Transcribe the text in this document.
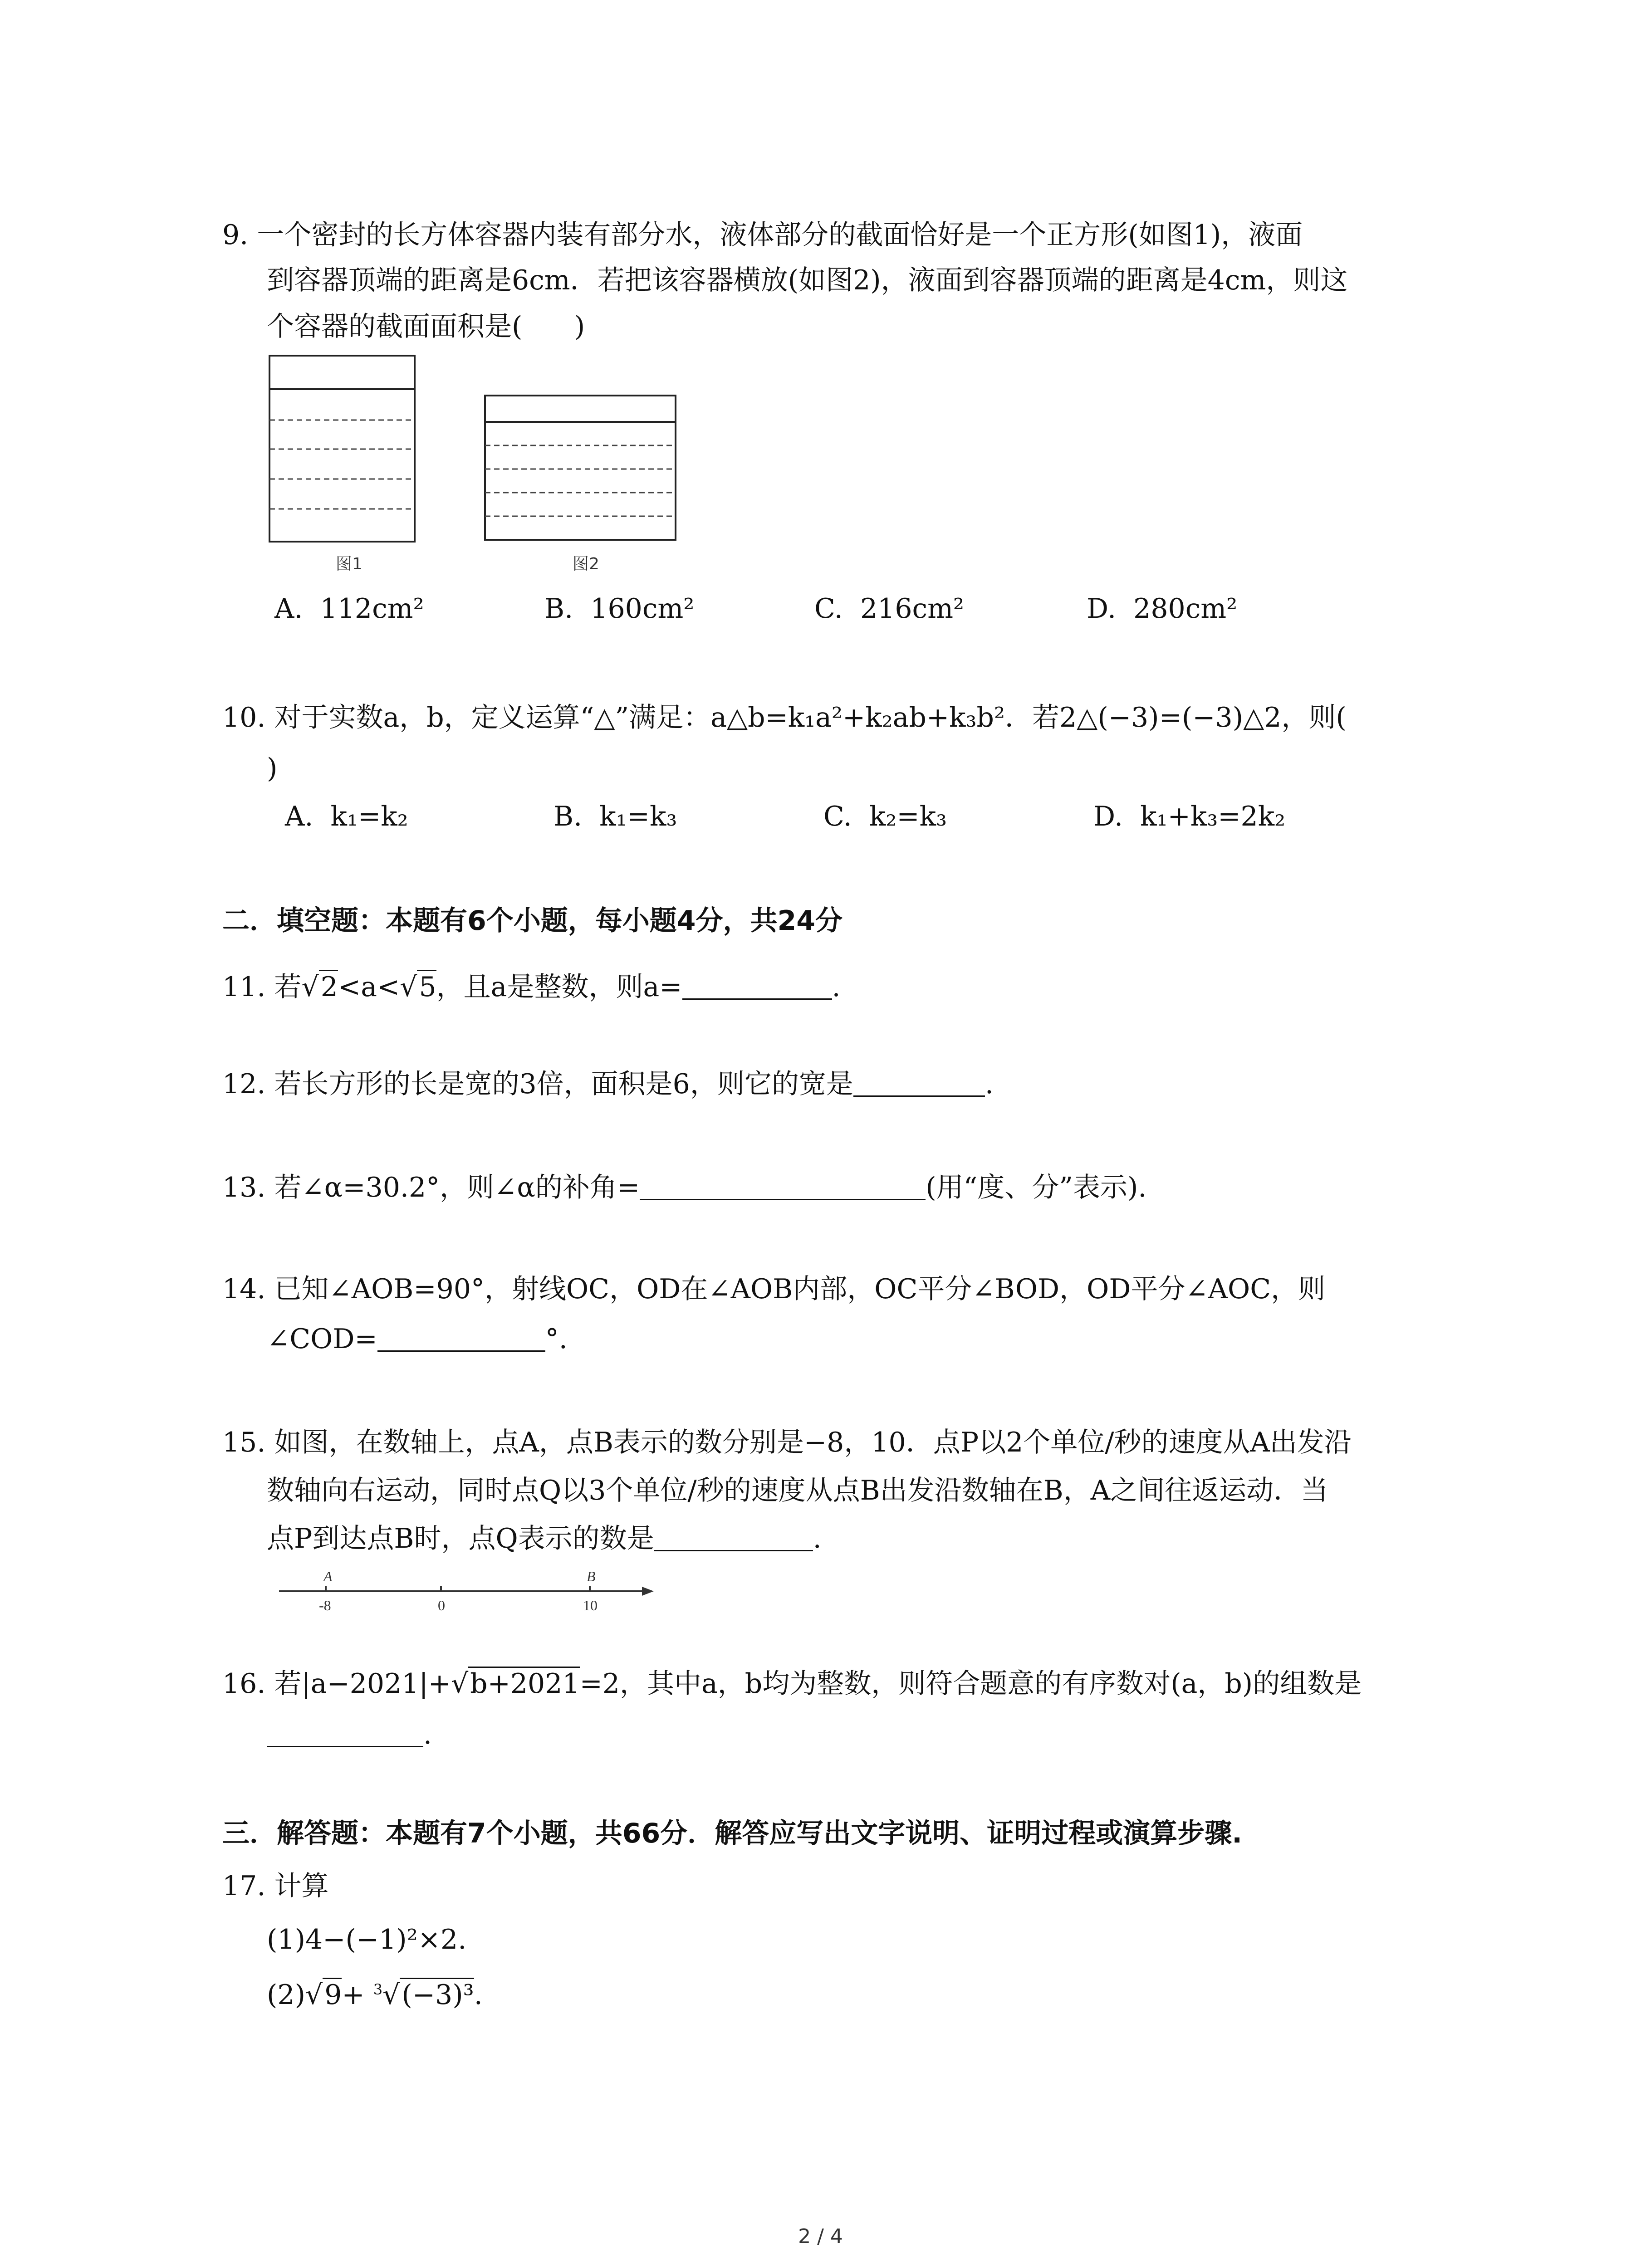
9. 一个密封的长方体容器内装有部分水，液体部分的截面恰好是一个正方形(如图1)，液面
到容器顶端的距离是6cm．若把该容器横放(如图2)，液面到容器顶端的距离是4cm，则这
个容器的截面面积是(      )
图1	图2
A.  112cm²	B.  160cm²	C.  216cm²	D.  280cm²
10. 对于实数a，b，定义运算“△”满足：a△b=k₁a²+k₂ab+k₃b²．若2△(−3)=(−3)△2，则(
)
A.  k₁=k₂	B.  k₁=k₃	C.  k₂=k₃	D.  k₁+k₃=2k₂
二．填空题：本题有6个小题，每小题4分，共24分
11. 若√2<a<√5，且a是整数，则a=	.
12. 若长方形的长是宽的3倍，面积是6，则它的宽是	.
13. 若∠α=30.2°，则∠α的补角=	(用“度、分”表示).
14. 已知∠AOB=90°，射线OC，OD在∠AOB内部，OC平分∠BOD，OD平分∠AOC，则
∠COD=	°.
15. 如图，在数轴上，点A，点B表示的数分别是−8，10．点P以2个单位/秒的速度从A出发沿
数轴向右运动，同时点Q以3个单位/秒的速度从点B出发沿数轴在B，A之间往返运动．当
点P到达点B时，点Q表示的数是	.
A	B
-8	0	10
16. 若|a−2021|+√b+2021=2，其中a，b均为整数，则符合题意的有序数对(a，b)的组数是
.
三．解答题：本题有7个小题，共66分．解答应写出文字说明、证明过程或演算步骤.
17. 计算
(1)4−(−1)²×2.
(2)√9+ $^3$√(−3)³.
2 / 4
